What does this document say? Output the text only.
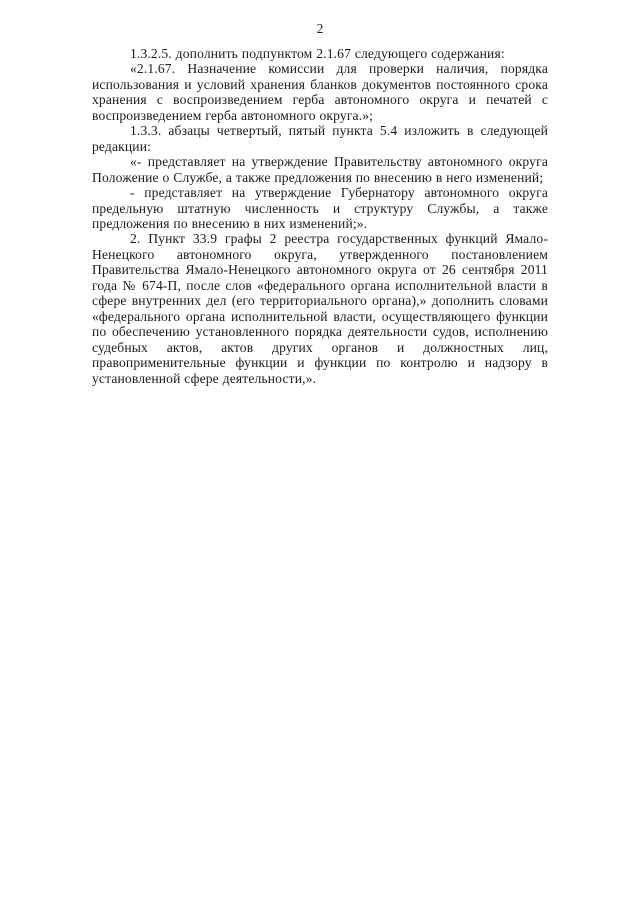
2

1.3.2.5. дополнить подпунктом 2.1.67 следующего содержания:

«2.1.67. Назначение комиссии для проверки наличия, порядка использования и условий хранения бланков документов постоянного срока хранения с воспроизведением герба автономного округа и печатей с воспроизведением герба автономного округа.»;

1.3.3. абзацы четвертый, пятый пункта 5.4 изложить в следующей редакции:

«- представляет на утверждение Правительству автономного округа Положение о Службе, а также предложения по внесению в него изменений;

- представляет на утверждение Губернатору автономного округа предельную штатную численность и структуру Службы, а также предложения по внесению в них изменений;».

2. Пункт 33.9 графы 2 реестра государственных функций Ямало-Ненецкого автономного округа, утвержденного постановлением Правительства Ямало-Ненецкого автономного округа от 26 сентября 2011 года № 674-П, после слов «федерального органа исполнительной власти в сфере внутренних дел (его территориального органа),» дополнить словами «федерального органа исполнительной власти, осуществляющего функции по обеспечению установленного порядка деятельности судов, исполнению судебных актов, актов других органов и должностных лиц, правоприменительные функции и функции по контролю и надзору в установленной сфере деятельности,».
